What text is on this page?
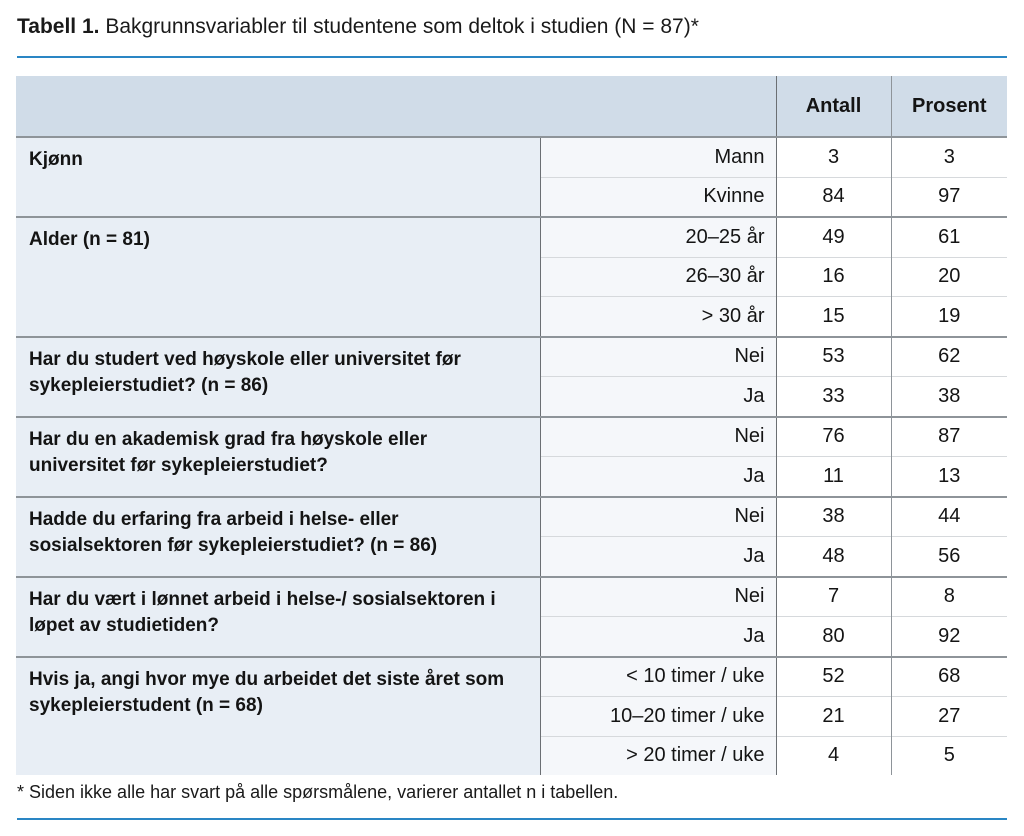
Tabell 1. Bakgrunnsvariabler til studentene som deltok i studien (N = 87)*
		Antall	Prosent
Kjønn	Mann	3	3
	Kvinne	84	97
Alder (n = 81)	20–25 år	49	61
	26–30 år	16	20
	> 30 år	15	19
Har du studert ved høyskole eller universitet før sykepleierstudiet? (n = 86)	Nei	53	62
	Ja	33	38
Har du en akademisk grad fra høyskole eller universitet før sykepleierstudiet?	Nei	76	87
	Ja	11	13
Hadde du erfaring fra arbeid i helse- eller sosialsektoren før sykepleierstudiet? (n = 86)	Nei	38	44
	Ja	48	56
Har du vært i lønnet arbeid i helse-/ sosialsektoren i løpet av studietiden?	Nei	7	8
	Ja	80	92
Hvis ja, angi hvor mye du arbeidet det siste året som sykepleierstudent (n = 68)	< 10 timer / uke	52	68
	10–20 timer / uke	21	27
	> 20 timer / uke	4	5
* Siden ikke alle har svart på alle spørsmålene, varierer antallet n i tabellen.
